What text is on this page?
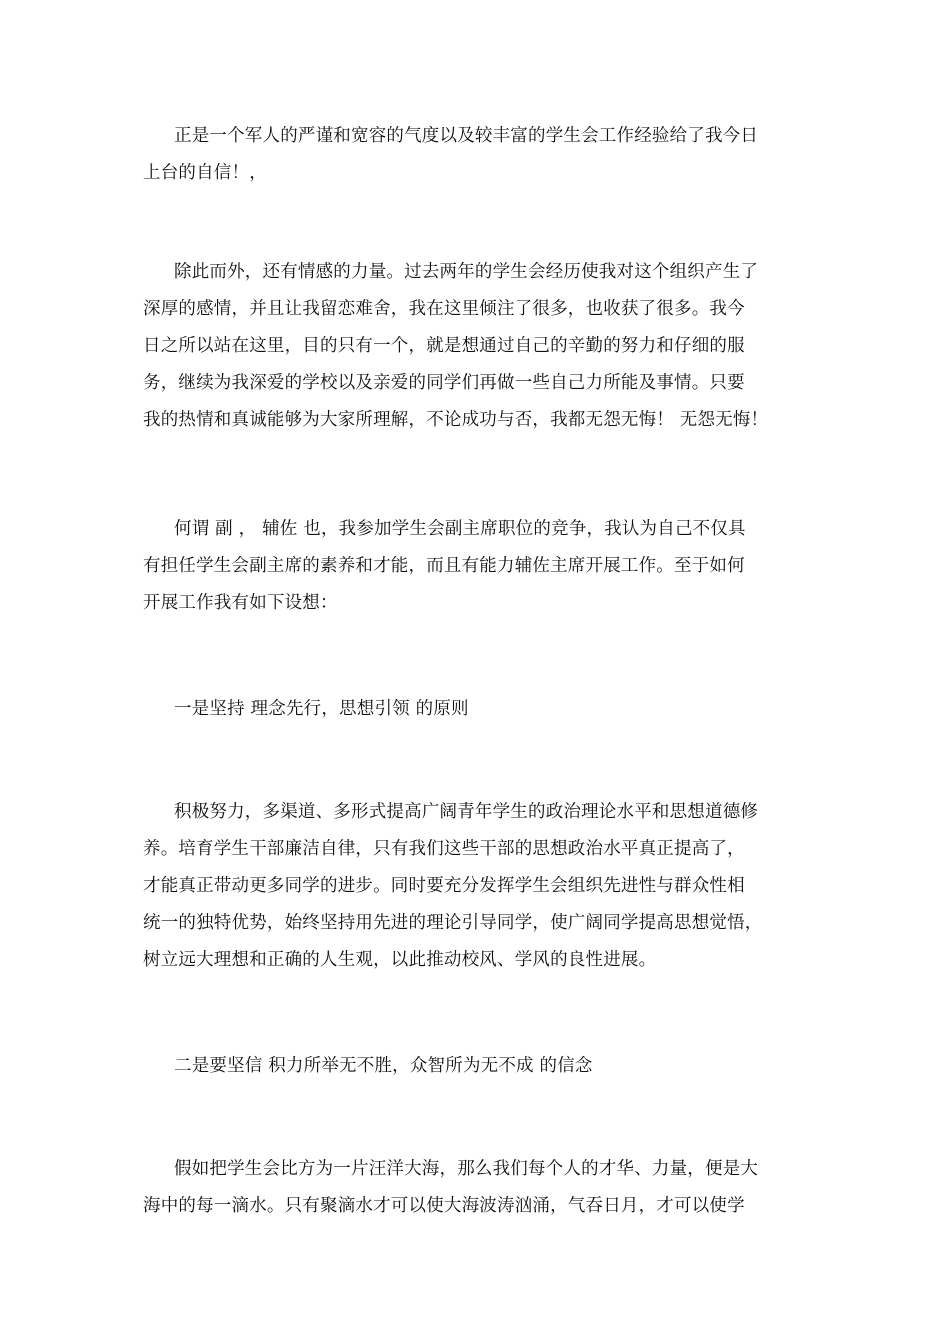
正是一个军人的严谨和宽容的气度以及较丰富的学生会工作经验给了我今日
上台的自信！，

除此而外，还有情感的力量。过去两年的学生会经历使我对这个组织产生了
深厚的感情，并且让我留恋难舍，我在这里倾注了很多，也收获了很多。我今
日之所以站在这里，目的只有一个，就是想通过自己的辛勤的努力和仔细的服
务，继续为我深爱的学校以及亲爱的同学们再做一些自己力所能及事情。只要
我的热情和真诚能够为大家所理解，不论成功与否，我都无怨无悔！ 无怨无悔！

何谓 副 ， 辅佐 也，我参加学生会副主席职位的竞争，我认为自己不仅具
有担任学生会副主席的素养和才能，而且有能力辅佐主席开展工作。至于如何
开展工作我有如下设想：

一是坚持 理念先行，思想引领 的原则

积极努力，多渠道、多形式提高广阔青年学生的政治理论水平和思想道德修
养。培育学生干部廉洁自律，只有我们这些干部的思想政治水平真正提高了，
才能真正带动更多同学的进步。同时要充分发挥学生会组织先进性与群众性相
统一的独特优势，始终坚持用先进的理论引导同学，使广阔同学提高思想觉悟，
树立远大理想和正确的人生观，以此推动校风、学风的良性进展。

二是要坚信 积力所举无不胜，众智所为无不成 的信念

假如把学生会比方为一片汪洋大海，那么我们每个人的才华、力量，便是大
海中的每一滴水。只有聚滴水才可以使大海波涛汹涌，气吞日月，才可以使学
